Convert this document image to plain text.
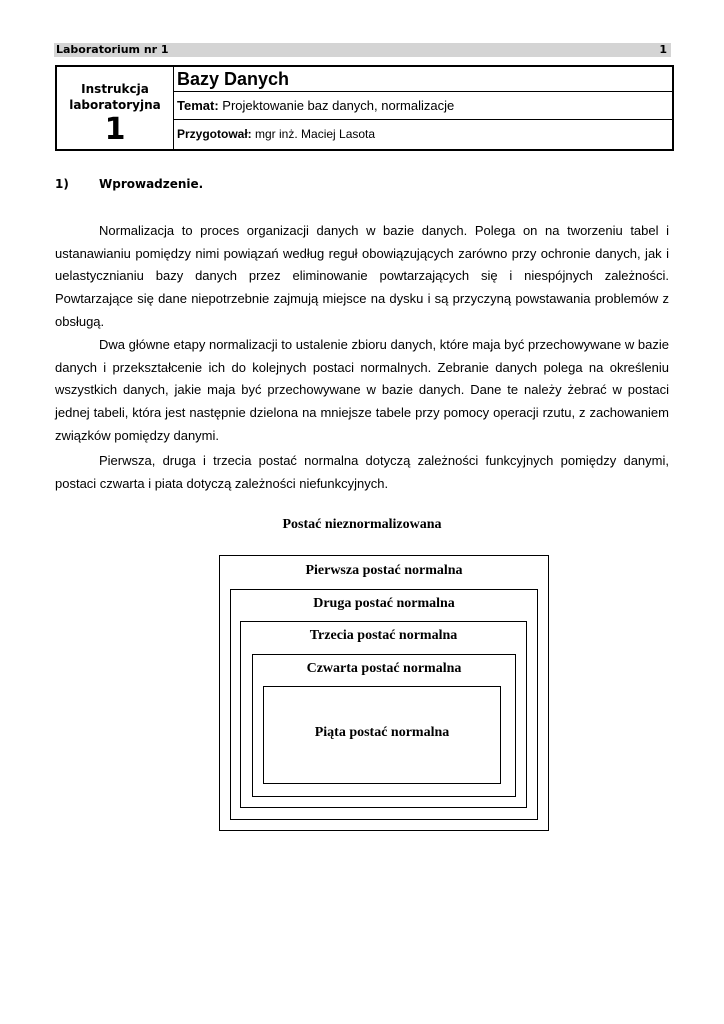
Laboratorium nr 1	1
Instrukcja
laboratoryjna
1
Bazy Danych
Temat: Projektowanie baz danych, normalizacje
Przygotował: mgr inż. Maciej Lasota
1)	Wprowadzenie.

Normalizacja to proces organizacji danych w bazie danych. Polega on na tworzeniu tabel i ustanawianiu pomiędzy nimi powiązań według reguł obowiązujących zarówno przy ochronie danych, jak i uelastycznianiu bazy danych przez eliminowanie powtarzających się i niespójnych zależności. Powtarzające się dane niepotrzebnie zajmują miejsce na dysku i są przyczyną powstawania problemów z obsługą.

Dwa główne etapy normalizacji to ustalenie zbioru danych, które maja być przechowywane w bazie danych i przekształcenie ich do kolejnych postaci normalnych. Zebranie danych polega na określeniu wszystkich danych, jakie maja być przechowywane w bazie danych. Dane te należy żebrać w postaci jednej tabeli, która jest następnie dzielona na mniejsze tabele przy pomocy operacji rzutu, z zachowaniem związków pomiędzy danymi.

Pierwsza, druga i trzecia postać normalna dotyczą zależności funkcyjnych pomiędzy danymi, postaci czwarta i piata dotyczą zależności niefunkcyjnych.

Postać nieznormalizowana
Pierwsza postać normalna
Druga postać normalna
Trzecia postać normalna
Czwarta postać normalna
Piąta postać normalna
